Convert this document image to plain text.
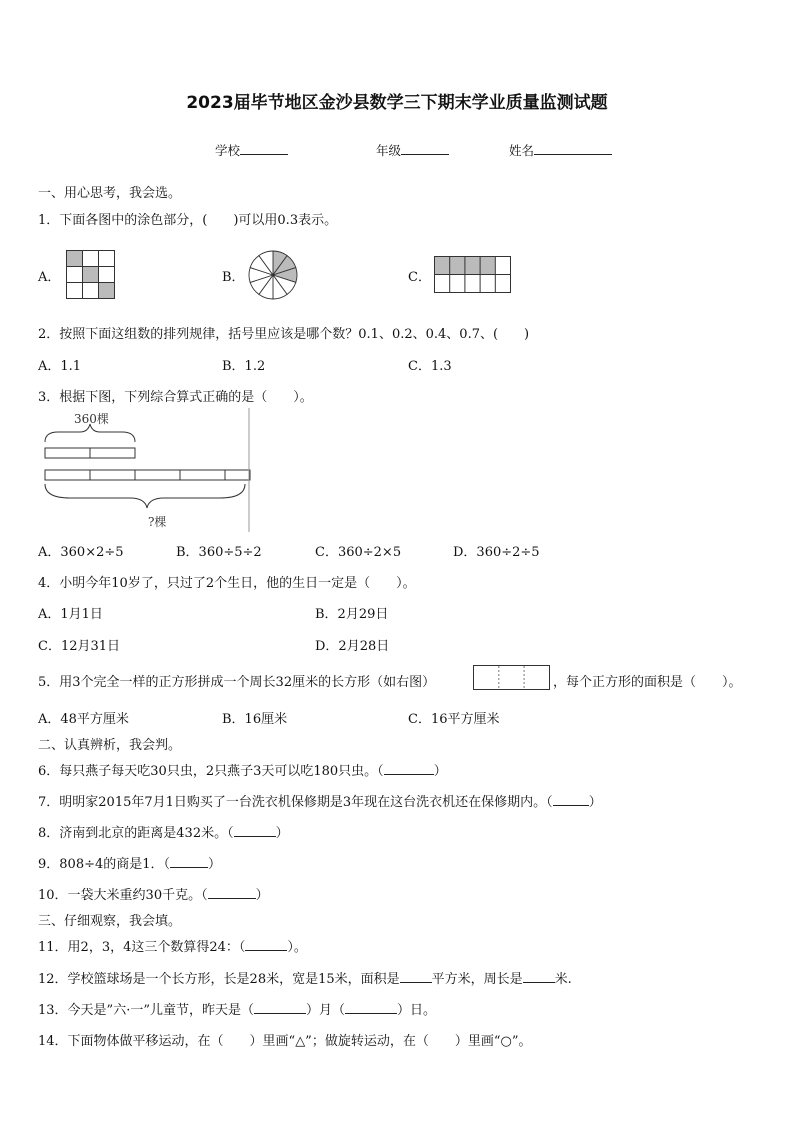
2023届毕节地区金沙县数学三下期末学业质量监测试题
学校	年级	姓名
一、用心思考，我会选。
1．下面各图中的涂色部分，(　　)可以用0.3表示。
A．	B．	C．
2．按照下面这组数的排列规律，括号里应该是哪个数？0.1、0.2、0.4、0.7、(　　)
A．1.1	B．1.2	C．1.3
3．根据下图，下列综合算式正确的是（　　）。
360棵
?棵
A．360×2÷5	B．360÷5÷2	C．360÷2×5	D．360÷2÷5
4．小明今年10岁了，只过了2个生日，他的生日一定是（　　）。
A．1月1日	B．2月29日
C．12月31日	D．2月28日
5．用3个完全一样的正方形拼成一个周长32厘米的长方形（如右图）	，每个正方形的面积是（　　）。
A．48平方厘米	B．16厘米	C．16平方厘米
二、认真辨析，我会判。
6．每只燕子每天吃30只虫，2只燕子3天可以吃180只虫。（	）
7．明明家2015年7月1日购买了一台洗衣机保修期是3年现在这台洗衣机还在保修期内。（	）
8．济南到北京的距离是432米。（	）
9．808÷4的商是1．（	）
10．一袋大米重约30千克。（	）
三、仔细观察，我会填。
11．用2，3，4这三个数算得24：（	）。
12．学校篮球场是一个长方形，长是28米，宽是15米，面积是 平方米，周长是 米.
13．今天是”六·一”儿童节，昨天是（	）月（	）日。
14．下面物体做平移运动，在（　　）里画“△”；做旋转运动，在（　　）里画“○”。
